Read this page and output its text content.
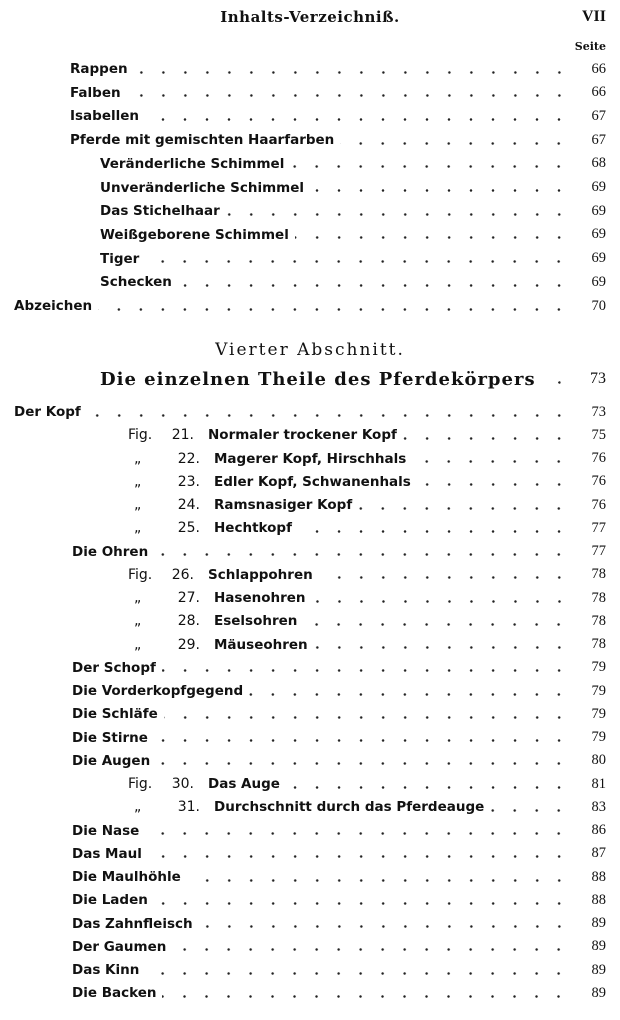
Inhalts-Verzeichniß.	VII
Seite
Rappen	66
Falben	66
Isabellen	67
Pferde mit gemischten Haarfarben	67
Veränderliche Schimmel	68
Unveränderliche Schimmel	69
Das Stichelhaar	69
Weißgeborene Schimmel	69
Tiger	69
Schecken	69
Abzeichen	70
Vierter Abschnitt.
Die einzelnen Theile des Pferdekörpers	73
Der Kopf	73
Fig. 21.	Normaler trockener Kopf	75
„	22.	Magerer Kopf, Hirschhals	76
„	23.	Edler Kopf, Schwanenhals	76
„	24.	Ramsnasiger Kopf	76
„	25.	Hechtkopf	77
Die Ohren	77
Fig. 26.	Schlappohren	78
„	27.	Hasenohren	78
„	28.	Eselsohren	78
„	29.	Mäuseohren	78
Der Schopf	79
Die Vorderkopfgegend	79
Die Schläfe	79
Die Stirne	79
Die Augen	80
Fig. 30.	Das Auge	81
„	31.	Durchschnitt durch das Pferdeauge	83
Die Nase	86
Das Maul	87
Die Maulhöhle	88
Die Laden	88
Das Zahnfleisch	89
Der Gaumen	89
Das Kinn	89
Die Backen	89
